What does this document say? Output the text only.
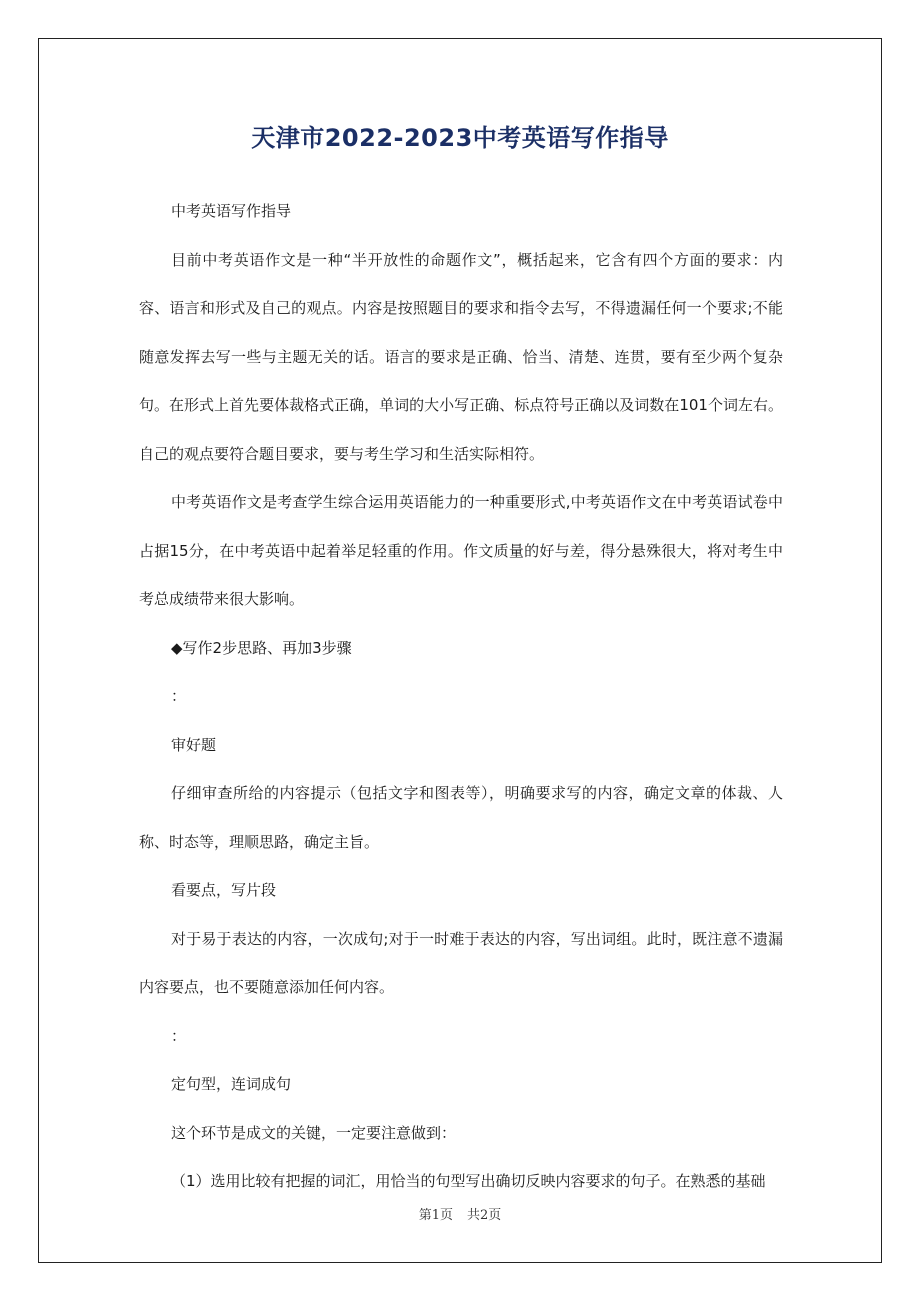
天津市2022-2023中考英语写作指导

中考英语写作指导

目前中考英语作文是一种“半开放性的命题作文”，概括起来，它含有四个方面的要求：内容、语言和形式及自己的观点。内容是按照题目的要求和指令去写，不得遗漏任何一个要求;不能随意发挥去写一些与主题无关的话。语言的要求是正确、恰当、清楚、连贯，要有至少两个复杂句。在形式上首先要体裁格式正确，单词的大小写正确、标点符号正确以及词数在101个词左右。自己的观点要符合题目要求，要与考生学习和生活实际相符。

中考英语作文是考查学生综合运用英语能力的一种重要形式,中考英语作文在中考英语试卷中占据15分，在中考英语中起着举足轻重的作用。作文质量的好与差，得分悬殊很大，将对考生中考总成绩带来很大影响。

◆写作2步思路、再加3步骤

：

审好题

仔细审查所给的内容提示（包括文字和图表等），明确要求写的内容，确定文章的体裁、人称、时态等，理顺思路，确定主旨。

看要点，写片段

对于易于表达的内容，一次成句;对于一时难于表达的内容，写出词组。此时，既注意不遗漏内容要点，也不要随意添加任何内容。

：

定句型，连词成句

这个环节是成文的关键，一定要注意做到：

（1）选用比较有把握的词汇，用恰当的句型写出确切反映内容要求的句子。在熟悉的基础

第1页 共2页
